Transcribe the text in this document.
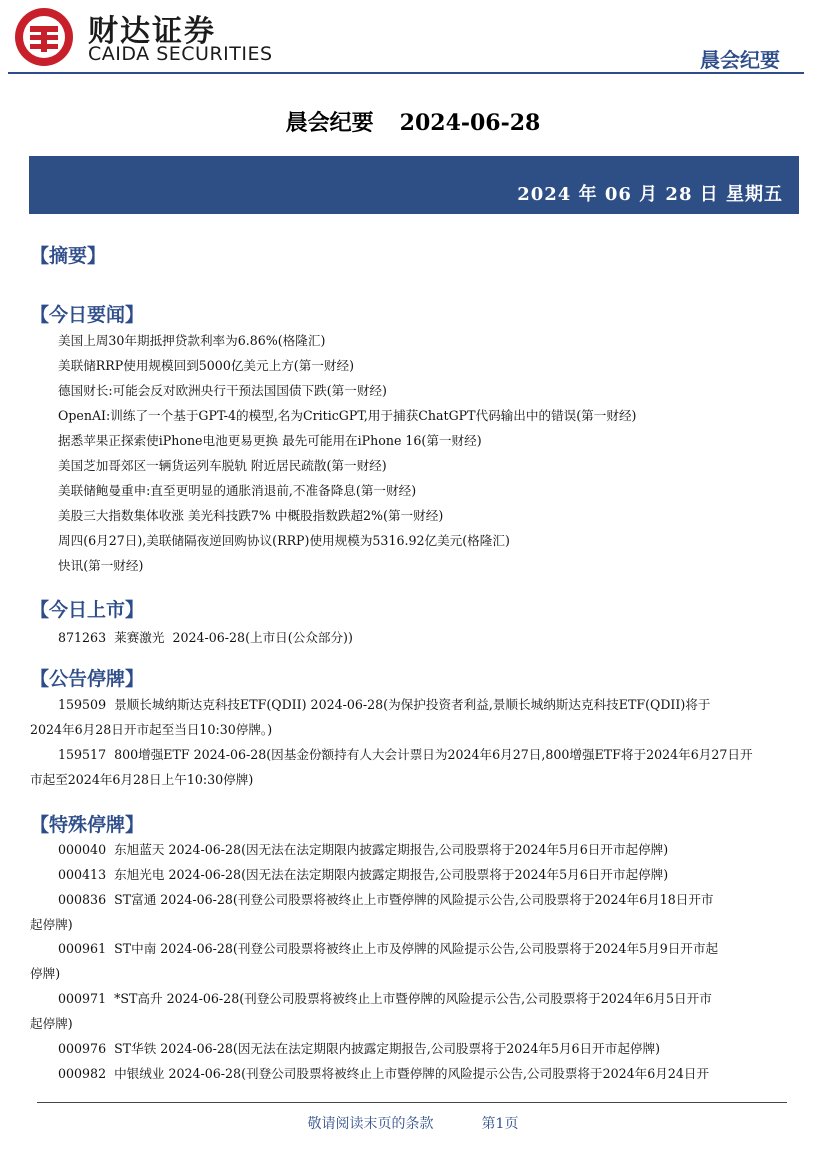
财达证券
CAIDA SECURITIES	晨会纪要
晨会纪要 2024-06-28
2024 年 06 月 28 日 星期五
【摘要】
【今日要闻】
美国上周30年期抵押贷款利率为6.86%(格隆汇)
美联储RRP使用规模回到5000亿美元上方(第一财经)
德国财长:可能会反对欧洲央行干预法国国债下跌(第一财经)
OpenAI:训练了一个基于GPT-4的模型,名为CriticGPT,用于捕获ChatGPT代码输出中的错误(第一财经)
据悉苹果正探索使iPhone电池更易更换 最先可能用在iPhone 16(第一财经)
美国芝加哥郊区一辆货运列车脱轨 附近居民疏散(第一财经)
美联储鲍曼重申:直至更明显的通胀消退前,不准备降息(第一财经)
美股三大指数集体收涨 美光科技跌7% 中概股指数跌超2%(第一财经)
周四(6月27日),美联储隔夜逆回购协议(RRP)使用规模为5316.92亿美元(格隆汇)
快讯(第一财经)
【今日上市】
871263  莱赛激光  2024-06-28(上市日(公众部分))
【公告停牌】
159509  景顺长城纳斯达克科技ETF(QDII) 2024-06-28(为保护投资者利益,景顺长城纳斯达克科技ETF(QDII)将于
2024年6月28日开市起至当日10:30停牌。)
159517  800增强ETF 2024-06-28(因基金份额持有人大会计票日为2024年6月27日,800增强ETF将于2024年6月27日开
市起至2024年6月28日上午10:30停牌)
【特殊停牌】
000040  东旭蓝天 2024-06-28(因无法在法定期限内披露定期报告,公司股票将于2024年5月6日开市起停牌)
000413  东旭光电 2024-06-28(因无法在法定期限内披露定期报告,公司股票将于2024年5月6日开市起停牌)
000836  ST富通 2024-06-28(刊登公司股票将被终止上市暨停牌的风险提示公告,公司股票将于2024年6月18日开市
起停牌)
000961  ST中南 2024-06-28(刊登公司股票将被终止上市及停牌的风险提示公告,公司股票将于2024年5月9日开市起
停牌)
000971  *ST高升 2024-06-28(刊登公司股票将被终止上市暨停牌的风险提示公告,公司股票将于2024年6月5日开市
起停牌)
000976  ST华铁 2024-06-28(因无法在法定期限内披露定期报告,公司股票将于2024年5月6日开市起停牌)
000982  中银绒业 2024-06-28(刊登公司股票将被终止上市暨停牌的风险提示公告,公司股票将于2024年6月24日开
敬请阅读末页的条款	第1页
